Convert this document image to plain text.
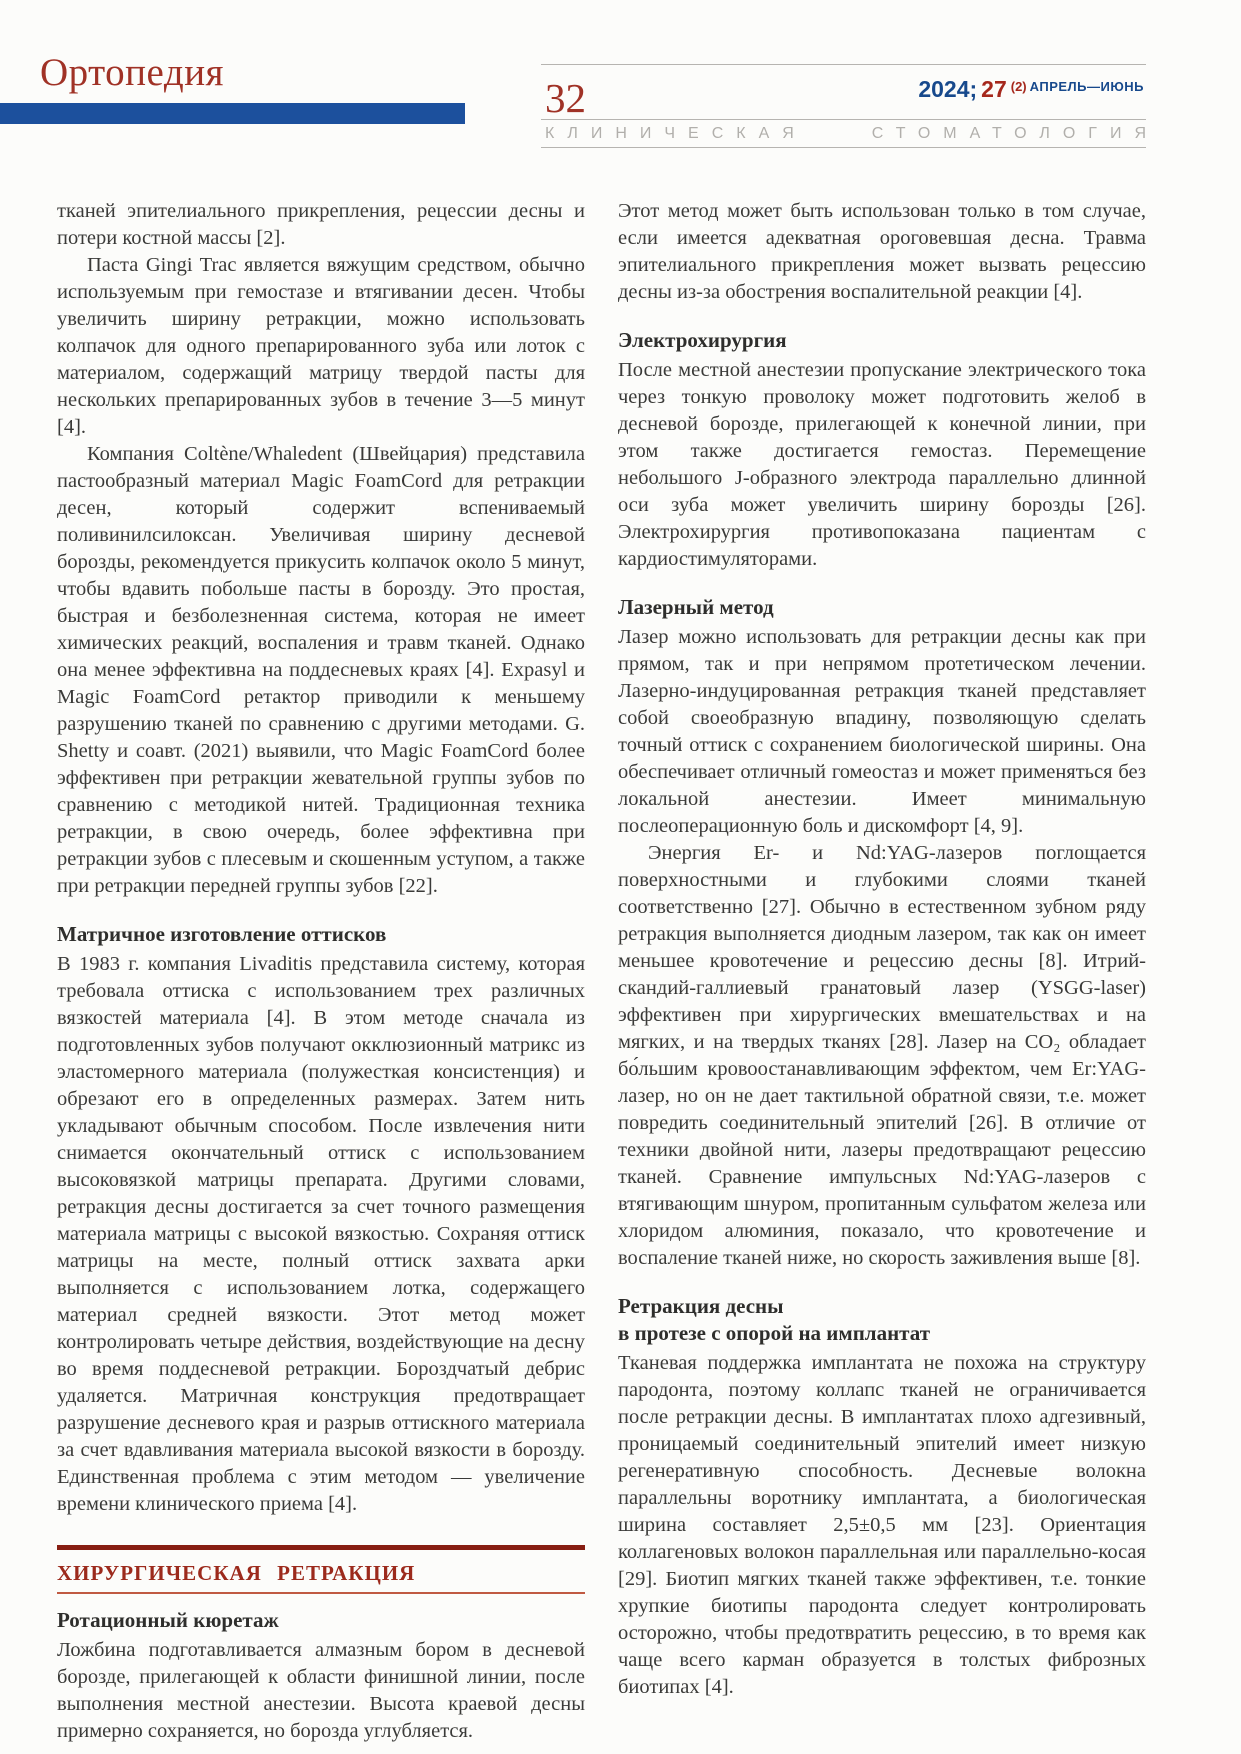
Ортопедия
32	2024; 27 (2) АПРЕЛЬ—ИЮНЬ
КЛИНИЧЕСКАЯ	СТОМАТОЛОГИЯ

тканей эпителиального прикрепления, рецессии десны и потери костной массы [2].

Паста Gingi Trac является вяжущим средством, обычно используемым при гемостазе и втягивании десен. Чтобы увеличить ширину ретракции, можно использовать колпачок для одного препарированного зуба или лоток с материалом, содержащий матрицу твердой пасты для нескольких препарированных зубов в течение 3—5 минут [4].

Компания Coltène/Whaledent (Швейцария) представила пастообразный материал Magic FoamCord для ретракции десен, который содержит вспениваемый поливинилсилоксан. Увеличивая ширину десневой борозды, рекомендуется прикусить колпачок около 5 минут, чтобы вдавить побольше пасты в борозду. Это простая, быстрая и безболезненная система, которая не имеет химических реакций, воспаления и травм тканей. Однако она менее эффективна на поддесневых краях [4]. Expasyl и Magic FoamCord ретактор приводили к меньшему разрушению тканей по сравнению с другими методами. G. Shetty и соавт. (2021) выявили, что Magic FoamCord более эффективен при ретракции жевательной группы зубов по сравнению с методикой нитей. Традиционная техника ретракции, в свою очередь, более эффективна при ретракции зубов с плесевым и скошенным уступом, а также при ретракции передней группы зубов [22].

Матричное изготовление оттисков

В 1983 г. компания Livaditis представила систему, которая требовала оттиска с использованием трех различных вязкостей материала [4]. В этом методе сначала из подготовленных зубов получают окклюзионный матрикс из эластомерного материала (полужесткая консистенция) и обрезают его в определенных размерах. Затем нить укладывают обычным способом. После извлечения нити снимается окончательный оттиск с использованием высоковязкой матрицы препарата. Другими словами, ретракция десны достигается за счет точного размещения материала матрицы с высокой вязкостью. Сохраняя оттиск матрицы на месте, полный оттиск захвата арки выполняется с использованием лотка, содержащего материал средней вязкости. Этот метод может контролировать четыре действия, воздействующие на десну во время поддесневой ретракции. Бороздчатый дебрис удаляется. Матричная конструкция предотвращает разрушение десневого края и разрыв оттискного материала за счет вдавливания материала высокой вязкости в борозду. Единственная проблема с этим методом — увеличение времени клинического приема [4].

ХИРУРГИЧЕСКАЯ РЕТРАКЦИЯ
Ротационный кюретаж

Ложбина подготавливается алмазным бором в десневой борозде, прилегающей к области финишной линии, после выполнения местной анестезии. Высота краевой десны примерно сохраняется, но борозда углубляется.

Этот метод может быть использован только в том случае, если имеется адекватная ороговевшая десна. Травма эпителиального прикрепления может вызвать рецессию десны из-за обострения воспалительной реакции [4].

Электрохирургия

После местной анестезии пропускание электрического тока через тонкую проволоку может подготовить желоб в десневой борозде, прилегающей к конечной линии, при этом также достигается гемостаз. Перемещение небольшого J-образного электрода параллельно длинной оси зуба может увеличить ширину борозды [26]. Электрохирургия противопоказана пациентам с кардиостимуляторами.

Лазерный метод

Лазер можно использовать для ретракции десны как при прямом, так и при непрямом протетическом лечении. Лазерно-индуцированная ретракция тканей представляет собой своеобразную впадину, позволяющую сделать точный оттиск с сохранением биологической ширины. Она обеспечивает отличный гомеостаз и может применяться без локальной анестезии. Имеет минимальную послеоперационную боль и дискомфорт [4, 9].

Энергия Er- и Nd:YAG-лазеров поглощается поверхностными и глубокими слоями тканей соответственно [27]. Обычно в естественном зубном ряду ретракция выполняется диодным лазером, так как он имеет меньшее кровотечение и рецессию десны [8]. Итрий-скандий-галлиевый гранатовый лазер (YSGG-laser) эффективен при хирургических вмешательствах и на мягких, и на твердых тканях [28]. Лазер на CO₂ обладает бо́льшим кровоостанавливающим эффектом, чем Er:YAG-лазер, но он не дает тактильной обратной связи, т.е. может повредить соединительный эпителий [26]. В отличие от техники двойной нити, лазеры предотвращают рецессию тканей. Сравнение импульсных Nd:YAG-лазеров с втягивающим шнуром, пропитанным сульфатом железа или хлоридом алюминия, показало, что кровотечение и воспаление тканей ниже, но скорость заживления выше [8].

Ретракция десны
в протезе с опорой на имплантат

Тканевая поддержка имплантата не похожа на структуру пародонта, поэтому коллапс тканей не ограничивается после ретракции десны. В имплантатах плохо адгезивный, проницаемый соединительный эпителий имеет низкую регенеративную способность. Десневые волокна параллельны воротнику имплантата, а биологическая ширина составляет 2,5±0,5 мм [23]. Ориентация коллагеновых волокон параллельная или параллельно-косая [29]. Биотип мягких тканей также эффективен, т.е. тонкие хрупкие биотипы пародонта следует контролировать осторожно, чтобы предотвратить рецессию, в то время как чаще всего карман образуется в толстых фиброзных биотипах [4].
